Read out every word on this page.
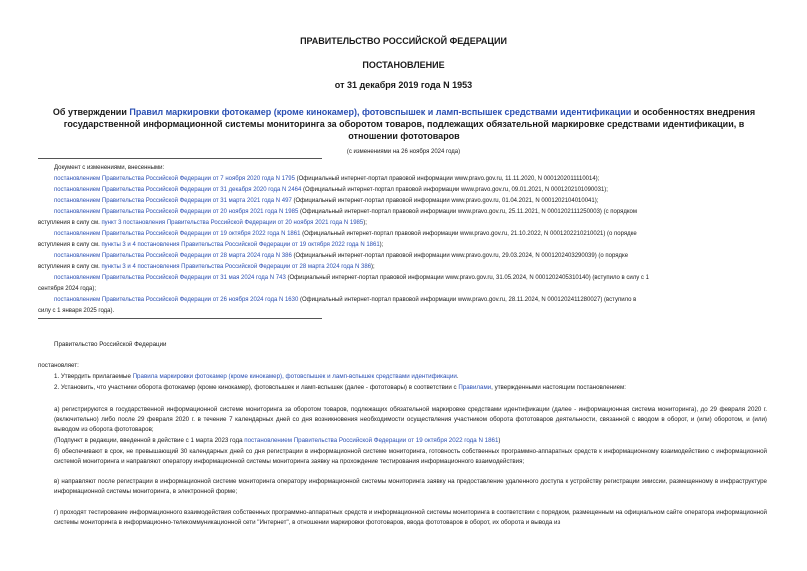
ПРАВИТЕЛЬСТВО РОССИЙСКОЙ ФЕДЕРАЦИИ
ПОСТАНОВЛЕНИЕ
от 31 декабря 2019 года N 1953
Об утверждении Правил маркировки фотокамер (кроме кинокамер), фотовспышек и ламп-вспышек средствами идентификации и особенностях внедрения государственной информационной системы мониторинга за оборотом товаров, подлежащих обязательной маркировке средствами идентификации, в отношении фототоваров
(с изменениями на 26 ноября 2024 года)
Документ с изменениями, внесенными:
постановлением Правительства Российской Федерации от 7 ноября 2020 года N 1795 (Официальный интернет-портал правовой информации www.pravo.gov.ru, 11.11.2020, N 0001202011110014);
постановлением Правительства Российской Федерации от 31 декабря 2020 года N 2464 (Официальный интернет-портал правовой информации www.pravo.gov.ru, 09.01.2021, N 0001202101090031);
постановлением Правительства Российской Федерации от 31 марта 2021 года N 497 (Официальный интернет-портал правовой информации www.pravo.gov.ru, 01.04.2021, N 0001202104010041);
постановлением Правительства Российской Федерации от 20 ноября 2021 года N 1985 (Официальный интернет-портал правовой информации www.pravo.gov.ru, 25.11.2021, N 0001202111250003) (с порядком
вступления в силу см. пункт 3 постановления Правительства Российской Федерации от 20 ноября 2021 года N 1985);
постановлением Правительства Российской Федерации от 19 октября 2022 года N 1861 (Официальный интернет-портал правовой информации www.pravo.gov.ru, 21.10.2022, N 0001202210210021) (о порядке
вступления в силу см. пункты 3 и 4 постановления Правительства Российской Федерации от 19 октября 2022 года N 1861);
постановлением Правительства Российской Федерации от 28 марта 2024 года N 386 (Официальный интернет-портал правовой информации www.pravo.gov.ru, 29.03.2024, N 0001202403290039) (о порядке
вступления в силу см. пункты 3 и 4 постановления Правительства Российской Федерации от 28 марта 2024 года N 386);
постановлением Правительства Российской Федерации от 31 мая 2024 года N 743 (Официальный интернет-портал правовой информации www.pravo.gov.ru, 31.05.2024, N 0001202405310140) (вступило в силу с 1
сентября 2024 года);
постановлением Правительства Российской Федерации от 26 ноября 2024 года N 1630 (Официальный интернет-портал правовой информации www.pravo.gov.ru, 28.11.2024, N 0001202411280027) (вступило в
силу с 1 января 2025 года).
Правительство Российской Федерации
постановляет:
1. Утвердить прилагаемые Правила маркировки фотокамер (кроме кинокамер), фотовспышек и ламп-вспышек средствами идентификации.
2. Установить, что участники оборота фотокамер (кроме кинокамер), фотовспышек и ламп-вспышек (далее - фототовары) в соответствии с Правилами, утвержденными настоящим постановлением:
а) регистрируются в государственной информационной системе мониторинга за оборотом товаров, подлежащих обязательной маркировке средствами идентификации (далее - информационная система мониторинга), до 29 февраля 2020 г. (включительно) либо после 29 февраля 2020 г. в течение 7 календарных дней со дня возникновения необходимости осуществления участником оборота фототоваров деятельности, связанной с вводом в оборот, и (или) оборотом, и (или) выводом из оборота фототоваров;
(Подпункт в редакции, введенной в действие с 1 марта 2023 года постановлением Правительства Российской Федерации от 19 октября 2022 года N 1861)
б) обеспечивают в срок, не превышающий 30 календарных дней со дня регистрации в информационной системе мониторинга, готовность собственных программно-аппаратных средств к информационному взаимодействию с информационной системой мониторинга и направляют оператору информационной системы мониторинга заявку на прохождение тестирования информационного взаимодействия;
в) направляют после регистрации в информационной системе мониторинга оператору информационной системы мониторинга заявку на предоставление удаленного доступа к устройству регистрации эмиссии, размещенному в инфраструктуре информационной системы мониторинга, в электронной форме;
г) проходят тестирование информационного взаимодействия собственных программно-аппаратных средств и информационной системы мониторинга в соответствии с порядком, размещенным на официальном сайте оператора информационной системы мониторинга в информационно-телекоммуникационной сети "Интернет", в отношении маркировки фототоваров, ввода фототоваров в оборот, их оборота и вывода из
